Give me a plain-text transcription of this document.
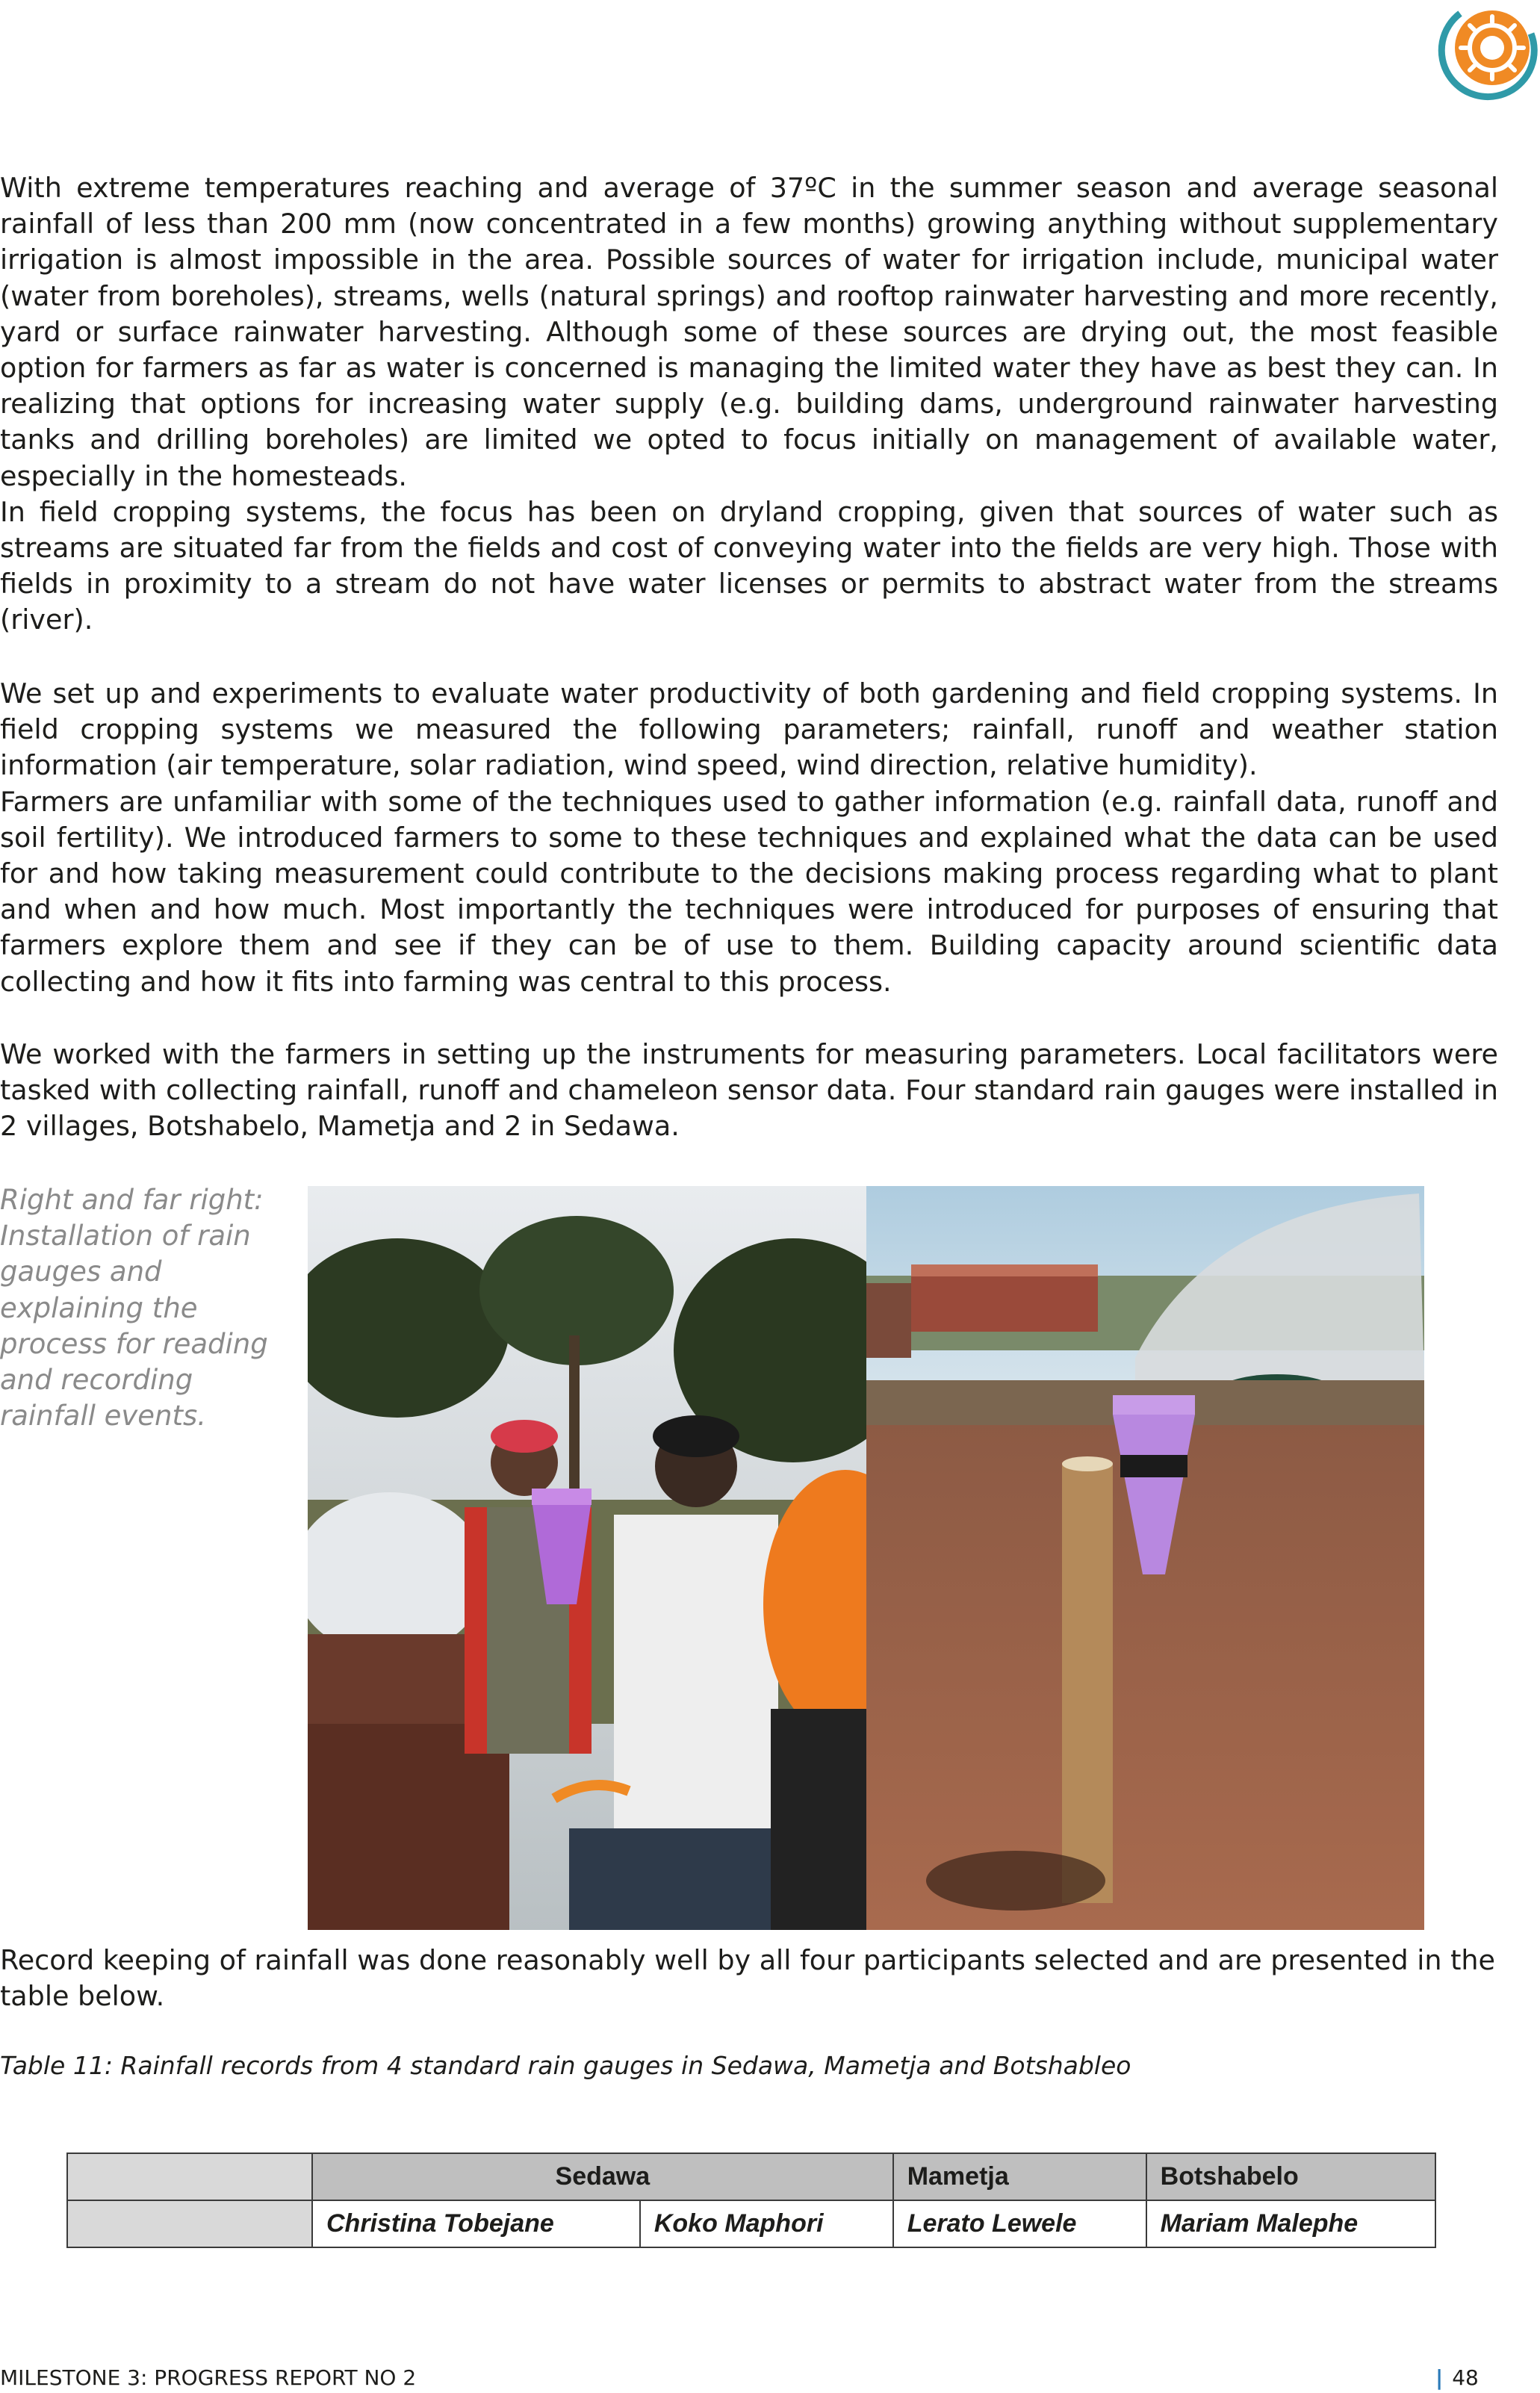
With extreme temperatures reaching and average of 37ºC in the summer season and average seasonal rainfall of less than 200 mm (now concentrated in a few months) growing anything without supplementary irrigation is almost impossible in the area. Possible sources of water for irrigation include, municipal water (water from boreholes), streams, wells (natural springs) and rooftop rainwater harvesting and more recently, yard or surface rainwater harvesting. Although some of these sources are drying out, the most feasible option for farmers as far as water is concerned is managing the limited water they have as best they can. In realizing that options for increasing water supply (e.g. building dams, underground rainwater harvesting tanks and drilling boreholes) are limited we opted to focus initially on management of available water, especially in the homesteads.

In field cropping systems, the focus has been on dryland cropping, given that sources of water such as streams are situated far from the fields and cost of conveying water into the fields are very high. Those with fields in proximity to a stream do not have water licenses or permits to abstract water from the streams (river).

We set up and experiments to evaluate water productivity of both gardening and field cropping systems. In field cropping systems we measured the following parameters; rainfall, runoff and weather station information (air temperature, solar radiation, wind speed, wind direction, relative humidity).

Farmers are unfamiliar with some of the techniques used to gather information (e.g. rainfall data, runoff and soil fertility). We introduced farmers to some to these techniques and explained what the data can be used for and how taking measurement could contribute to the decisions making process regarding what to plant and when and how much. Most importantly the techniques were introduced for purposes of ensuring that farmers explore them and see if they can be of use to them. Building capacity around scientific data collecting and how it fits into farming was central to this process.

We worked with the farmers in setting up the instruments for measuring parameters. Local facilitators were tasked with collecting rainfall, runoff and chameleon sensor data. Four standard rain gauges were installed in 2 villages, Botshabelo, Mametja and 2 in Sedawa.

Right and far right: Installation of rain gauges and explaining the process for reading and recording rainfall events.

Record keeping of rainfall was done reasonably well by all four participants selected and are presented in the table below.

Table 11: Rainfall records from 4 standard rain gauges in Sedawa, Mametja and Botshableo
	Sedawa		Mametja	Botshabelo
	Christina Tobejane	Koko Maphori	Lerato Lewele	Mariam Malephe
MILESTONE 3: PROGRESS REPORT NO 2	| 48
